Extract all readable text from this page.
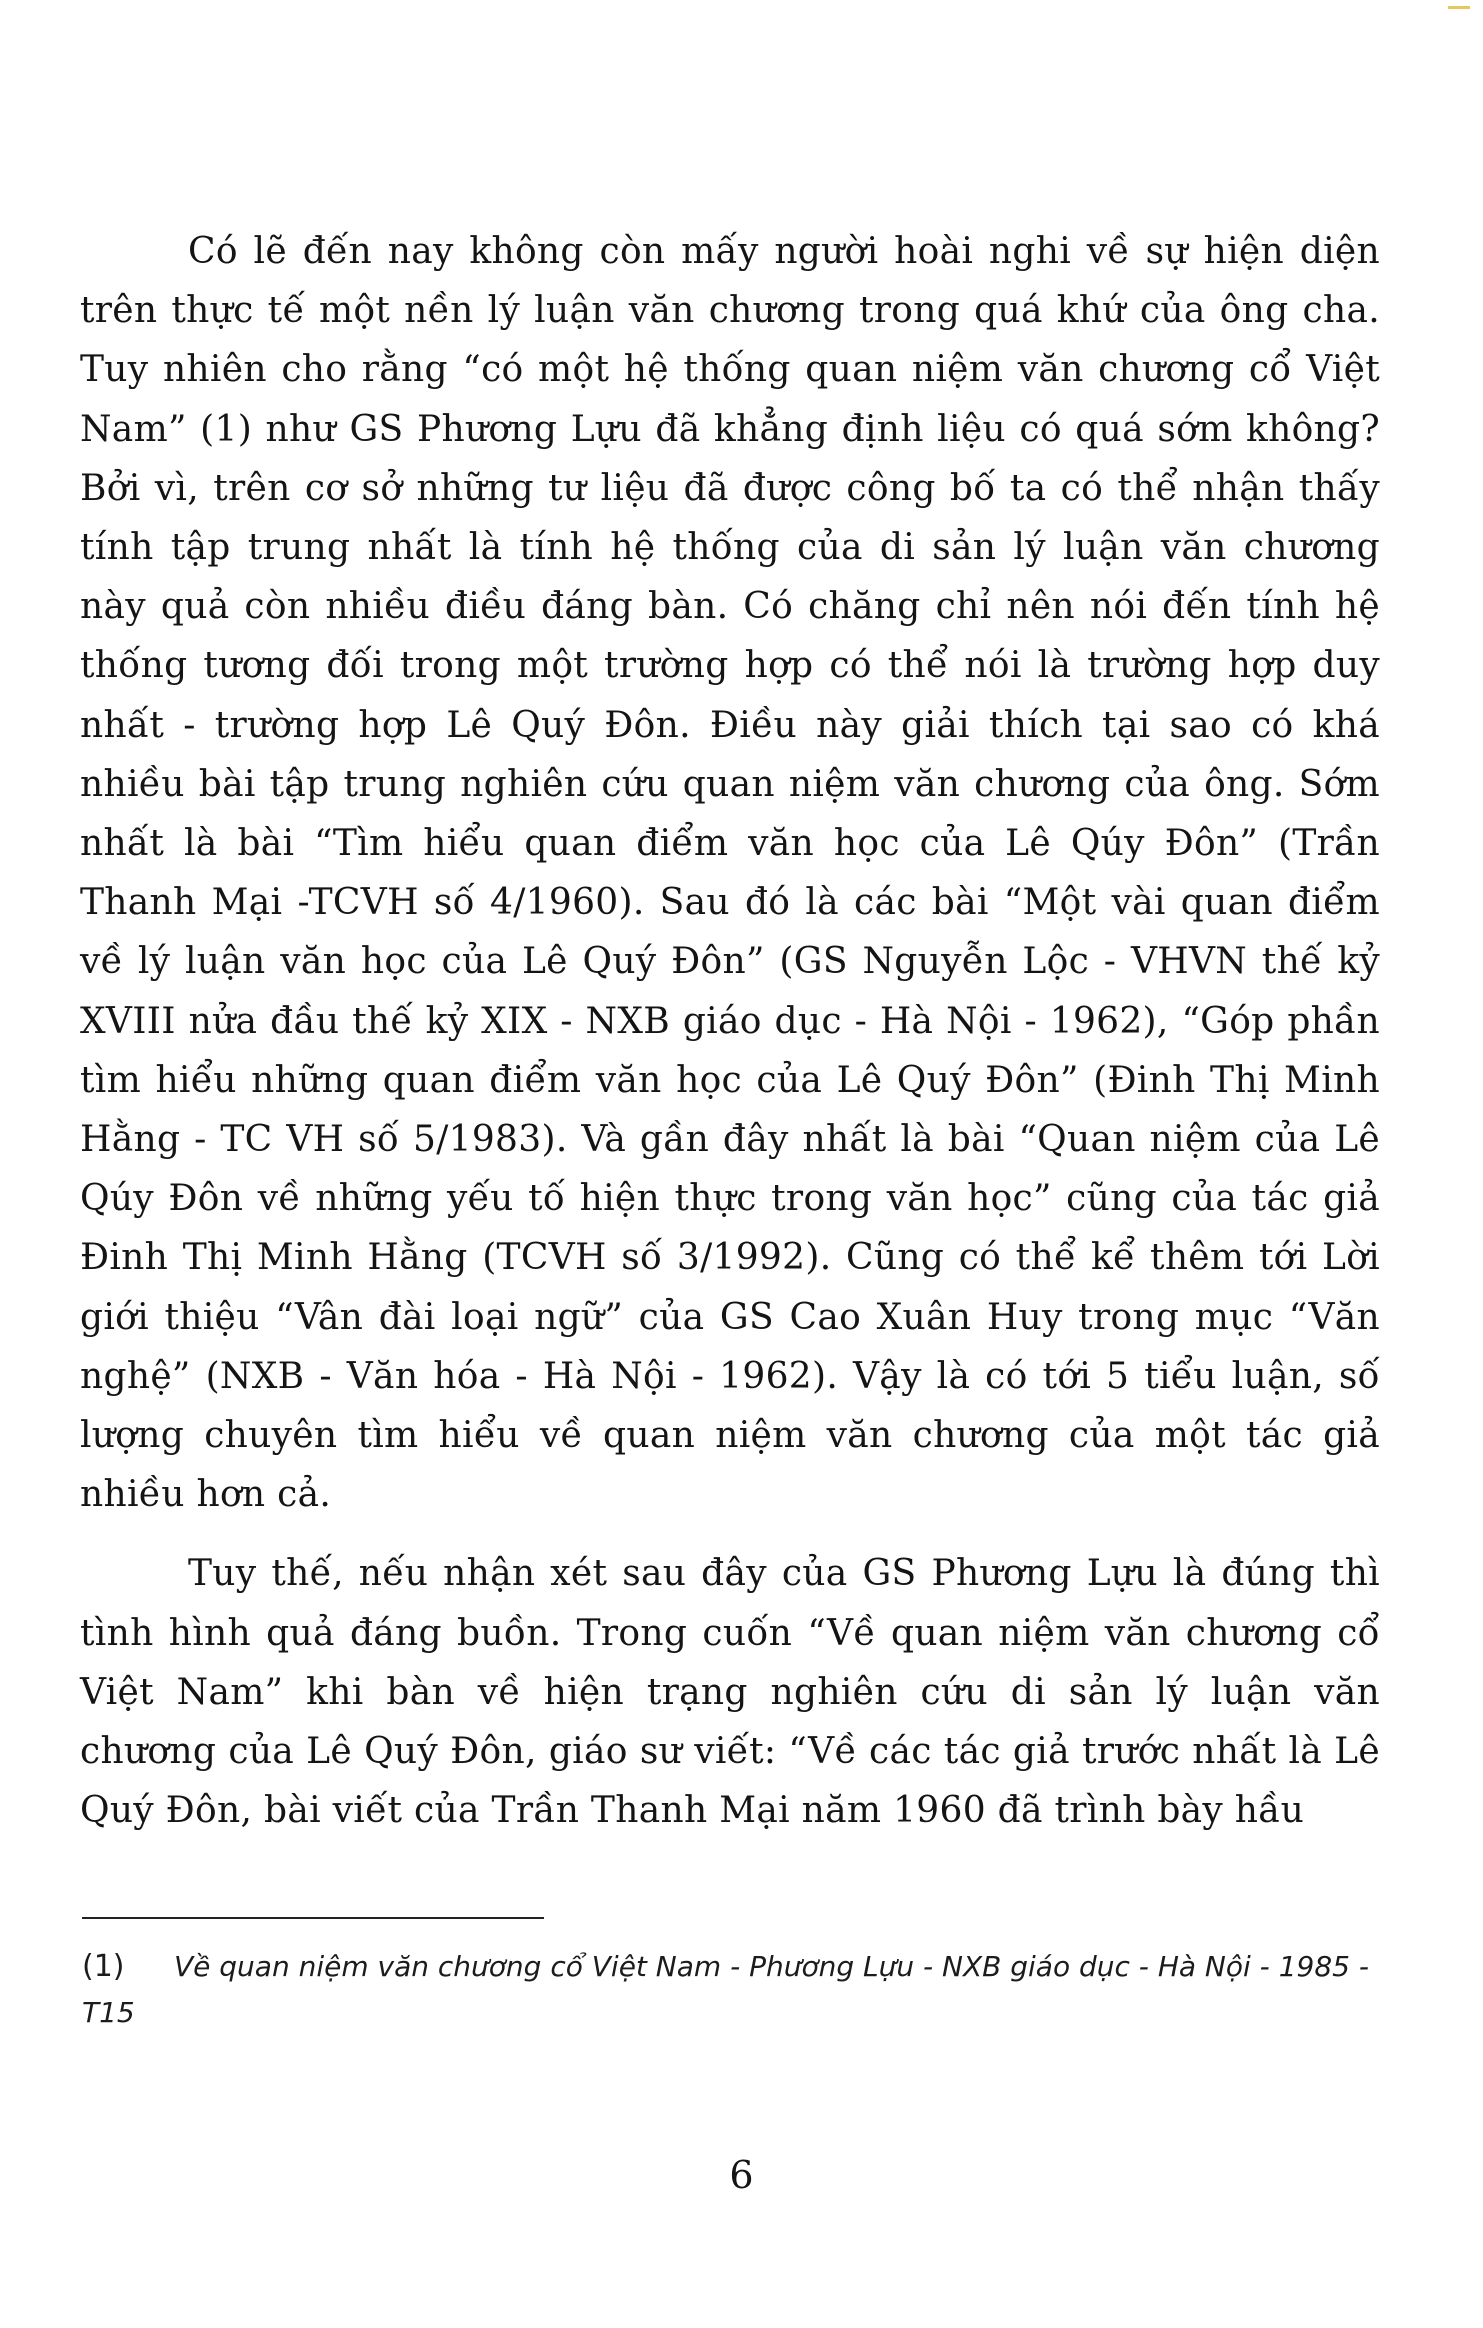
Có lẽ đến nay không còn mấy người hoài nghi về sự hiện diện trên thực tế một nền lý luận văn chương trong quá khứ của ông cha. Tuy nhiên cho rằng “có một hệ thống quan niệm văn chương cổ Việt Nam” (1) như GS Phương Lựu đã khẳng định liệu có quá sớm không? Bởi vì, trên cơ sở những tư liệu đã được công bố ta có thể nhận thấy tính tập trung nhất là tính hệ thống của di sản lý luận văn chương này quả còn nhiều điều đáng bàn. Có chăng chỉ nên nói đến tính hệ thống tương đối trong một trường hợp có thể nói là trường hợp duy nhất - trường hợp Lê Quý Đôn. Điều này giải thích tại sao có khá nhiều bài tập trung nghiên cứu quan niệm văn chương của ông. Sớm nhất là bài “Tìm hiểu quan điểm văn học của Lê Qúy Đôn” (Trần Thanh Mại -TCVH số 4/1960). Sau đó là các bài “Một vài quan điểm về lý luận văn học của Lê Quý Đôn” (GS Nguyễn Lộc - VHVN thế kỷ XVIII nửa đầu thế kỷ XIX - NXB giáo dục - Hà Nội - 1962), “Góp phần tìm hiểu những quan điểm văn học của Lê Quý Đôn” (Đinh Thị Minh Hằng - TC VH số 5/1983). Và gần đây nhất là bài “Quan niệm của Lê Qúy Đôn về những yếu tố hiện thực trong văn học” cũng của tác giả Đinh Thị Minh Hằng (TCVH số 3/1992). Cũng có thể kể thêm tới Lời giới thiệu “Vân đài loại ngữ” của GS Cao Xuân Huy trong mục “Văn nghệ” (NXB - Văn hóa - Hà Nội - 1962). Vậy là có tới 5 tiểu luận, số lượng chuyên tìm hiểu về quan niệm văn chương của một tác giả nhiều hơn cả.

Tuy thế, nếu nhận xét sau đây của GS Phương Lựu là đúng thì tình hình quả đáng buồn. Trong cuốn “Về quan niệm văn chương cổ Việt Nam” khi bàn về hiện trạng nghiên cứu di sản lý luận văn chương của Lê Quý Đôn, giáo sư viết: “Về các tác giả trước nhất là Lê Quý Đôn, bài viết của Trần Thanh Mại năm 1960 đã trình bày hầu

(1) Về quan niệm văn chương cổ Việt Nam - Phương Lựu - NXB giáo dục - Hà Nội - 1985 - T15
6
